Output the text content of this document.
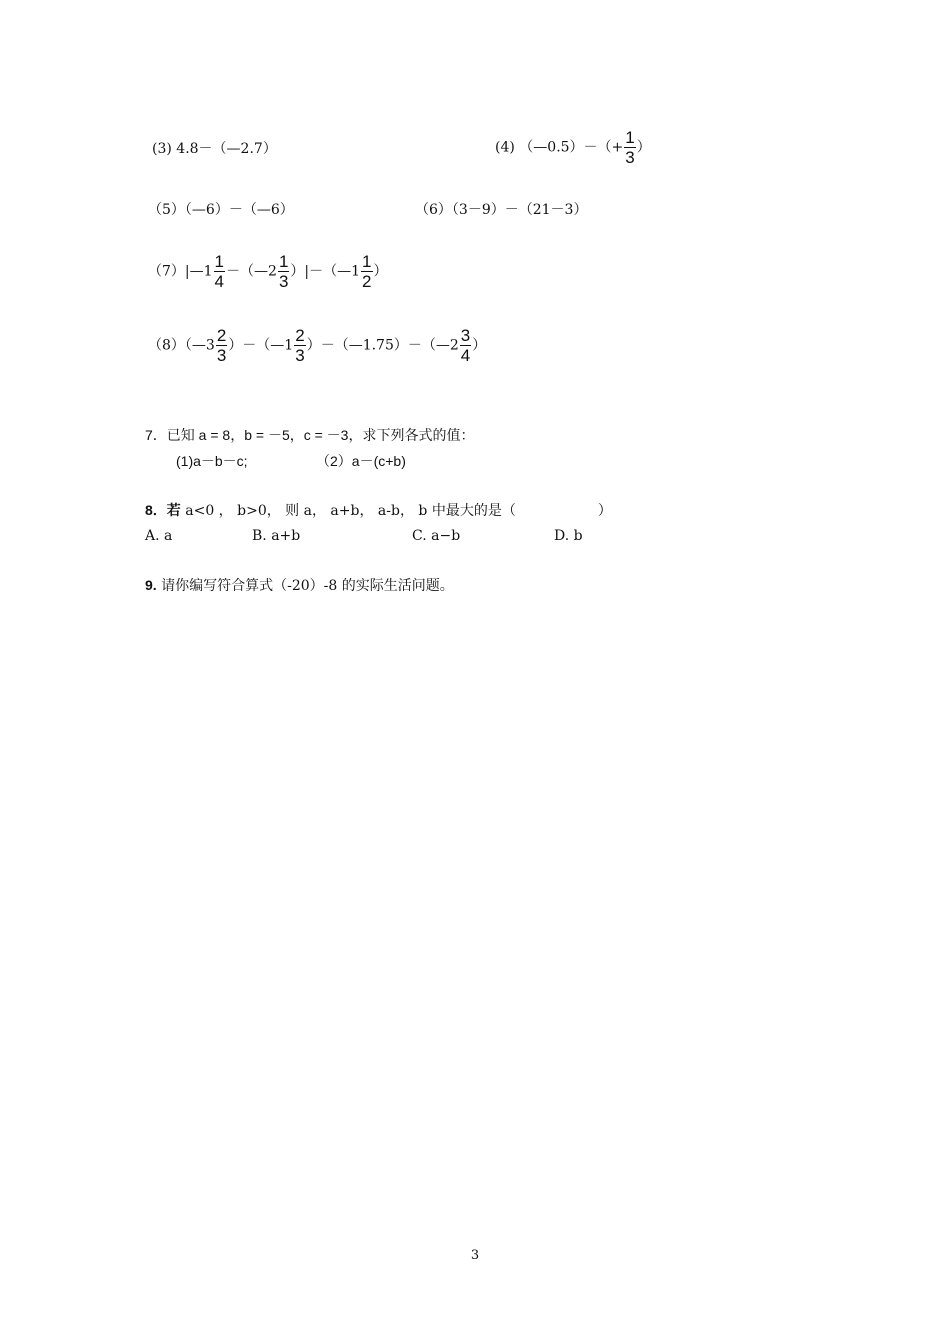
(3) 4.8－（—2.7）	(4) （—0.5）－（+ $\frac{1}{3}$ ）
（5）（—6）－（—6）	（6）（3－9）－（21－3）
（7）|—1 $\frac{1}{4}$ －（—2 $\frac{1}{3}$ ）|－（—1 $\frac{1}{2}$ ）
（8）（—3 $\frac{2}{3}$ ）－（—1 $\frac{2}{3}$ ）－（—1.75）－（—2 $\frac{3}{4}$ ）
7．已知 a = 8，b = －5，c = －3，求下列各式的值：
(1)a－b－c;	（2）a－(c+b)
8．若 a<0 ， b>0， 则 a， a+b， a-b， b 中最大的是（	）
A. a	B. a+b	C. a−b	D. b
9. 请你编写符合算式（-20）-8 的实际生活问题。
3
